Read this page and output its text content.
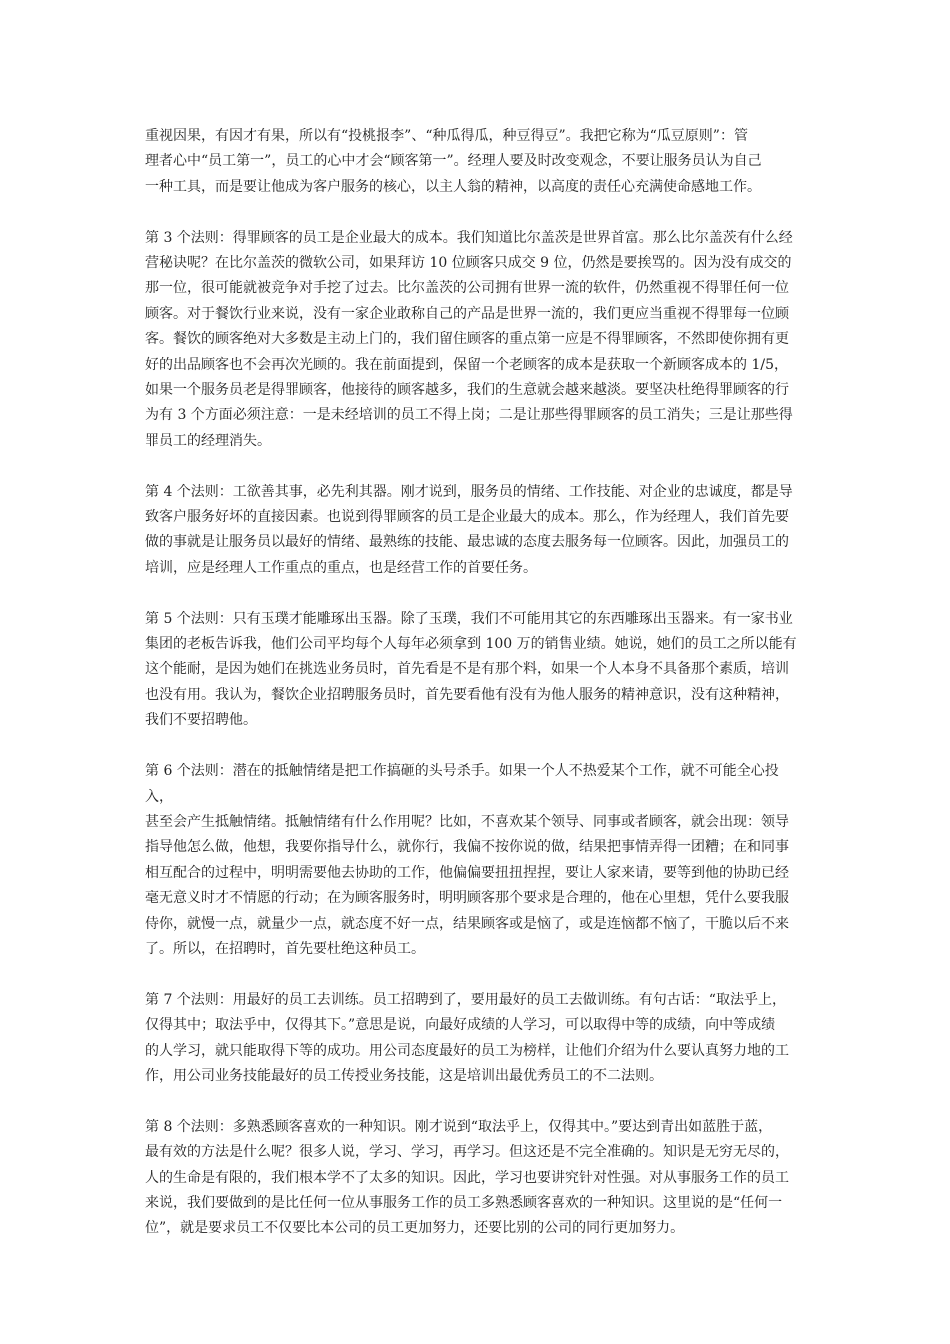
重视因果，有因才有果，所以有“投桃报李”、“种瓜得瓜，种豆得豆”。我把它称为“瓜豆原则”：管
理者心中“员工第一”，员工的心中才会“顾客第一”。经理人要及时改变观念，不要让服务员认为自己
一种工具，而是要让他成为客户服务的核心，以主人翁的精神，以高度的责任心充满使命感地工作。

第 3 个法则：得罪顾客的员工是企业最大的成本。我们知道比尔盖茨是世界首富。那么比尔盖茨有什么经
营秘诀呢？在比尔盖茨的微软公司，如果拜访 10 位顾客只成交 9 位，仍然是要挨骂的。因为没有成交的
那一位，很可能就被竞争对手挖了过去。比尔盖茨的公司拥有世界一流的软件，仍然重视不得罪任何一位
顾客。对于餐饮行业来说，没有一家企业敢称自己的产品是世界一流的，我们更应当重视不得罪每一位顾
客。餐饮的顾客绝对大多数是主动上门的，我们留住顾客的重点第一应是不得罪顾客，不然即使你拥有更
好的出品顾客也不会再次光顾的。我在前面提到，保留一个老顾客的成本是获取一个新顾客成本的 1/5，
如果一个服务员老是得罪顾客，他接待的顾客越多，我们的生意就会越来越淡。要坚决杜绝得罪顾客的行
为有 3 个方面必须注意：一是未经培训的员工不得上岗；二是让那些得罪顾客的员工消失；三是让那些得
罪员工的经理消失。

第 4 个法则：工欲善其事，必先利其器。刚才说到，服务员的情绪、工作技能、对企业的忠诚度，都是导
致客户服务好坏的直接因素。也说到得罪顾客的员工是企业最大的成本。那么，作为经理人，我们首先要
做的事就是让服务员以最好的情绪、最熟练的技能、最忠诚的态度去服务每一位顾客。因此，加强员工的
培训，应是经理人工作重点的重点，也是经营工作的首要任务。

第 5 个法则：只有玉璞才能雕琢出玉器。除了玉璞，我们不可能用其它的东西雕琢出玉器来。有一家书业
集团的老板告诉我，他们公司平均每个人每年必须拿到 100 万的销售业绩。她说，她们的员工之所以能有
这个能耐，是因为她们在挑选业务员时，首先看是不是有那个料，如果一个人本身不具备那个素质，培训
也没有用。我认为，餐饮企业招聘服务员时，首先要看他有没有为他人服务的精神意识，没有这种精神，
我们不要招聘他。

第 6 个法则：潜在的抵触情绪是把工作搞砸的头号杀手。如果一个人不热爱某个工作，就不可能全心投入，
甚至会产生抵触情绪。抵触情绪有什么作用呢？比如，不喜欢某个领导、同事或者顾客，就会出现：领导
指导他怎么做，他想，我要你指导什么，就你行，我偏不按你说的做，结果把事情弄得一团糟；在和同事
相互配合的过程中，明明需要他去协助的工作，他偏偏要扭扭捏捏，要让人家来请，要等到他的协助已经
毫无意义时才不情愿的行动；在为顾客服务时，明明顾客那个要求是合理的，他在心里想，凭什么要我服
侍你，就慢一点，就量少一点，就态度不好一点，结果顾客或是恼了，或是连恼都不恼了，干脆以后不来
了。所以，在招聘时，首先要杜绝这种员工。

第 7 个法则：用最好的员工去训练。员工招聘到了，要用最好的员工去做训练。有句古话：“取法乎上，
仅得其中；取法乎中，仅得其下。”意思是说，向最好成绩的人学习，可以取得中等的成绩，向中等成绩
的人学习，就只能取得下等的成功。用公司态度最好的员工为榜样，让他们介绍为什么要认真努力地的工
作，用公司业务技能最好的员工传授业务技能，这是培训出最优秀员工的不二法则。

第 8 个法则：多熟悉顾客喜欢的一种知识。刚才说到“取法乎上，仅得其中。”要达到青出如蓝胜于蓝，
最有效的方法是什么呢？很多人说，学习、学习，再学习。但这还是不完全准确的。知识是无穷无尽的，
人的生命是有限的，我们根本学不了太多的知识。因此，学习也要讲究针对性强。对从事服务工作的员工
来说，我们要做到的是比任何一位从事服务工作的员工多熟悉顾客喜欢的一种知识。这里说的是“任何一
位”，就是要求员工不仅要比本公司的员工更加努力，还要比别的公司的同行更加努力。
